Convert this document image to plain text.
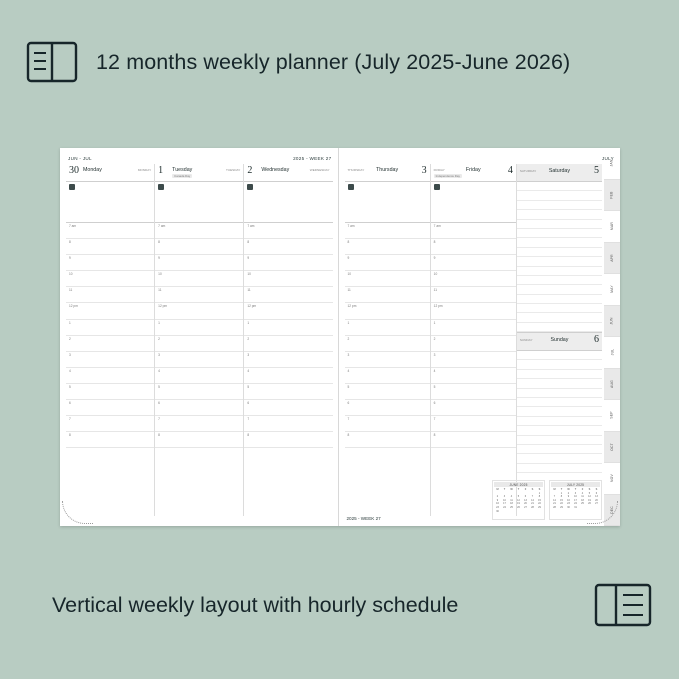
12 months weekly planner (July 2025-June 2026)
JUN - JUL	2025 - WEEK 27
30 Monday	MONDAY
7 am
8
9
10
11
12 pm
1
2
3
4
5
6
7
8
1 Tuesday	TUESDAY
Canada Day
7 am
8
9
10
11
12 pm
1
2
3
4
5
6
7
8
2 Wednesday	WEDNESDAY
7 am
8
9
10
11
12 pm
1
2
3
4
5
6
7
8

JULY
3
Thursday
THURSDAY
7 am
8
9
10
11
12 pm
1
2
3
4
5
6
7
8
4
Friday
FRIDAY
Independence Day
7 am
8
9
10
11
12 pm
1
2
3
4
5
6
7
8
SATURDAY Saturday 5
SUNDAY	Sunday	6
JAN
FEB
MAR
APR
MAY
JUN
JUL
AUG
SEP
OCT
NOV
DEC
JUNE 2025
M	T	W	T	F	S	S
						1
2	3	4	5	6	7	8
9	10	11	12	13	14	15
16	17	18	19	20	21	22
23	24	25	26	27	28	29
30						
JULY 2025
M	T	W	T	F	S	S
	1	2	3	4	5	6
7	8	9	10	11	12	13
14	15	16	17	18	19	20
21	22	23	24	25	26	27
28	29	30	31			

2025 - WEEK 27
Vertical weekly layout with hourly schedule
